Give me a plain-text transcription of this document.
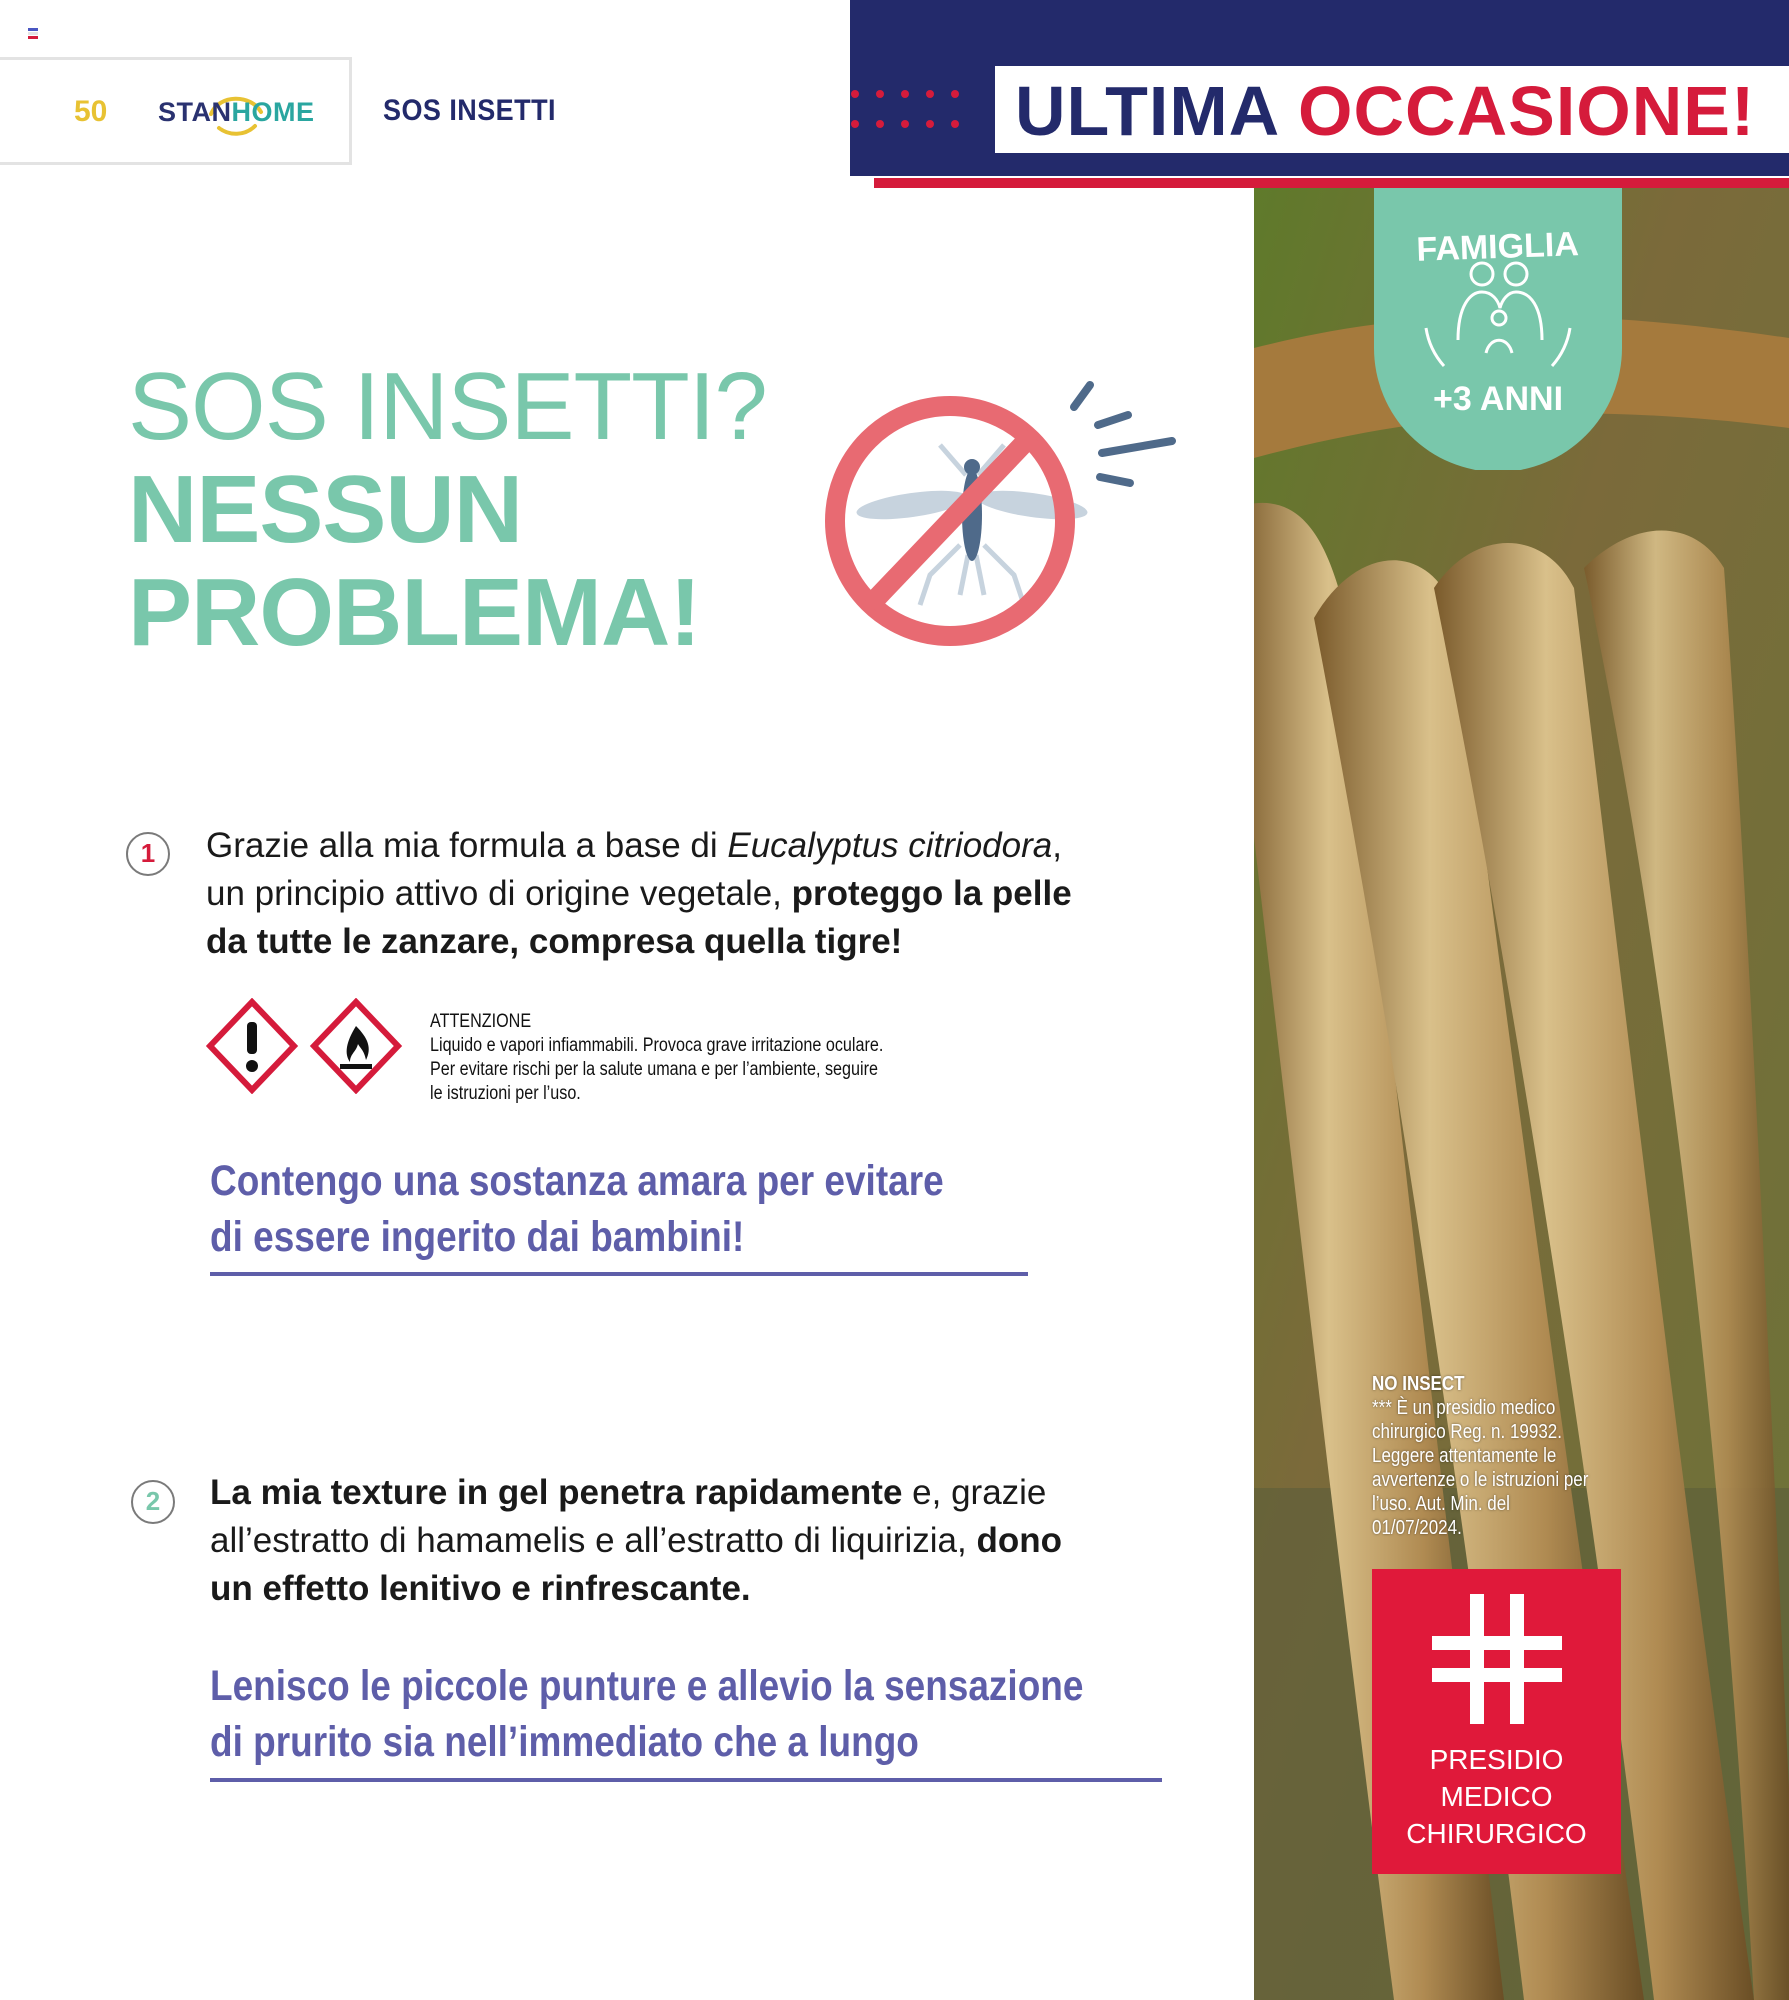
50 STANHOME SOS INSETTI	ULTIMA OCCASIONE!
FAMIGLIA
+3 ANNI
SOS INSETTI?
NESSUN
PROBLEMA!
1	Grazie alla mia formula a base di Eucalyptus citriodora, un principio attivo di origine vegetale, proteggo la pelle da tutte le zanzare, compresa quella tigre!
ATTENZIONE
Liquido e vapori infiammabili. Provoca grave irritazione oculare.
Per evitare rischi per la salute umana e per l’ambiente, seguire
le istruzioni per l’uso.
Contengo una sostanza amara per evitare
di essere ingerito dai bambini!
2	La mia texture in gel penetra rapidamente e, grazie all’estratto di hamamelis e all’estratto di liquirizia, dono un effetto lenitivo e rinfrescante.
Lenisco le piccole punture e allevio la sensazione
di prurito sia nell’immediato che a lungo
NO INSECT
*** È un presidio medico
chirurgico Reg. n. 19932.
Leggere attentamente le
avvertenze o le istruzioni per
l’uso. Aut. Min. del
01/07/2024.
PRESIDIO
MEDICO
CHIRURGICO
